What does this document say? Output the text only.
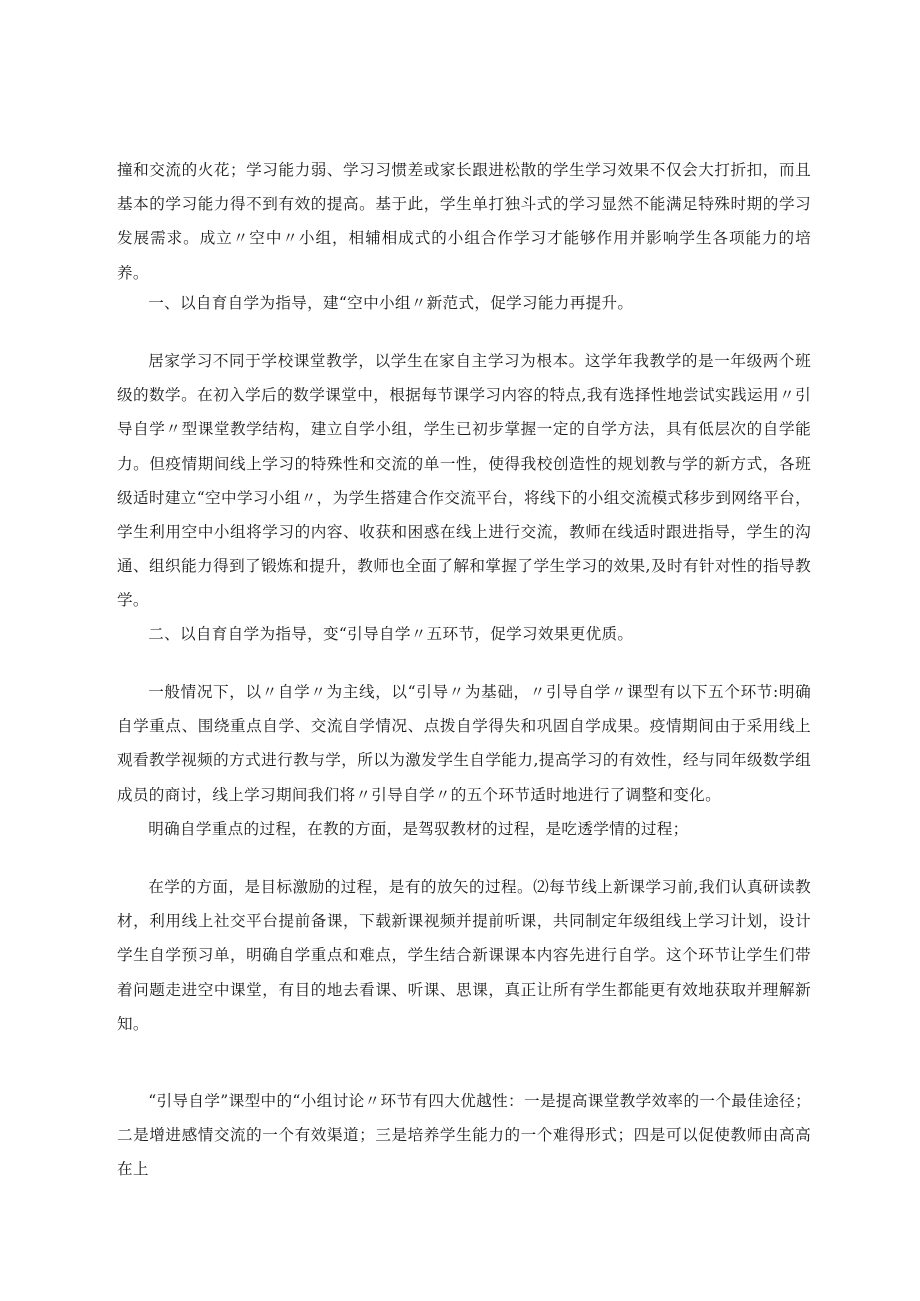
撞和交流的火花；学习能力弱、学习习惯差或家长跟进松散的学生学习效果不仅会大打折扣，而且基本的学习能力得不到有效的提高。基于此，学生单打独斗式的学习显然不能满足特殊时期的学习发展需求。成立〃空中〃小组，相辅相成式的小组合作学习才能够作用并影响学生各项能力的培养。

一、以自育自学为指导，建“空中小组〃新范式，促学习能力再提升。

居家学习不同于学校课堂教学，以学生在家自主学习为根本。这学年我教学的是一年级两个班级的数学。在初入学后的数学课堂中，根据每节课学习内容的特点,我有选择性地尝试实践运用〃引导自学〃型课堂教学结构，建立自学小组，学生已初步掌握一定的自学方法，具有低层次的自学能力。但疫情期间线上学习的特殊性和交流的单一性，使得我校创造性的规划教与学的新方式，各班级适时建立“空中学习小组〃，为学生搭建合作交流平台，将线下的小组交流模式移步到网络平台，学生利用空中小组将学习的内容、收获和困惑在线上进行交流，教师在线适时跟进指导，学生的沟通、组织能力得到了锻炼和提升，教师也全面了解和掌握了学生学习的效果,及时有针对性的指导教学。

二、以自育自学为指导，变“引导自学〃五环节，促学习效果更优质。

一般情况下，以〃自学〃为主线，以“引导〃为基础，〃引导自学〃课型有以下五个环节:明确自学重点、围绕重点自学、交流自学情况、点拨自学得失和巩固自学成果。疫情期间由于采用线上观看教学视频的方式进行教与学，所以为激发学生自学能力,提高学习的有效性，经与同年级数学组成员的商讨，线上学习期间我们将〃引导自学〃的五个环节适时地进行了调整和变化。

明确自学重点的过程，在教的方面，是驾驭教材的过程，是吃透学情的过程；

在学的方面，是目标激励的过程，是有的放矢的过程。⑵每节线上新课学习前,我们认真研读教材，利用线上社交平台提前备课，下载新课视频并提前听课，共同制定年级组线上学习计划，设计学生自学预习单，明确自学重点和难点，学生结合新课课本内容先进行自学。这个环节让学生们带着问题走进空中课堂，有目的地去看课、听课、思课，真正让所有学生都能更有效地获取并理解新知。

“引导自学”课型中的“小组讨论〃环节有四大优越性：一是提高课堂教学效率的一个最佳途径；二是增进感情交流的一个有效渠道；三是培养学生能力的一个难得形式；四是可以促使教师由高高在上
